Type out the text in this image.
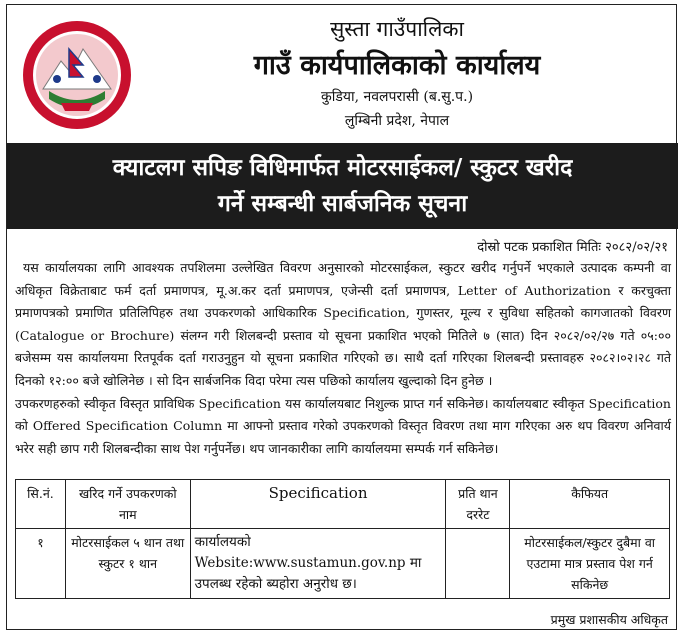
सुस्ता गाउँपालिका
गाउँ कार्यपालिकाको कार्यालय
कुडिया, नवलपरासी (ब.सु.प.)
लुम्बिनी प्रदेश, नेपाल
क्याटलग सपिङ विधिमार्फत मोटरसाईकल/ स्कुटर खरीद
गर्ने सम्बन्धी सार्बजनिक सूचना
दोस्रो पटक प्रकाशित मितिः २०८२/०२/२१

यस कार्यालयका लागि आवश्यक तपशिलमा उल्लेखित विवरण अनुसारको मोटरसाईकल, स्कुटर खरीद गर्नुपर्ने भएकाले उत्पादक कम्पनी वा अधिकृत विक्रेताबाट फर्म दर्ता प्रमाणपत्र, मू.अ.कर दर्ता प्रमाणपत्र, एजेन्सी दर्ता प्रमाणपत्र, Letter of Authorization र करचुक्ता प्रमाणपत्रको प्रमाणित प्रतिलिपिहरु तथा उपकरणको आधिकारिक Specification, गुणस्तर, मूल्य र सुविधा सहितको कागजातको विवरण (Catalogue or Brochure) संलग्न गरी शिलबन्दी प्रस्ताव यो सूचना प्रकाशित भएको मितिले ७ (सात) दिन २०८२/०२/२७ गते ०५:०० बजेसम्म यस कार्यालयमा रितपूर्वक दर्ता गराउनुहुन यो सूचना प्रकाशित गरिएको छ। साथै दर्ता गरिएका शिलबन्दी प्रस्तावहरु २०८२।०२।२८ गते दिनको १२:०० बजे खोलिनेछ । सो दिन सार्बजनिक विदा परेमा त्यस पछिको कार्यालय खुल्दाको दिन हुनेछ ।

उपकरणहरुको स्वीकृत विस्तृत प्राविधिक Specification यस कार्यालयबाट निशुल्क प्राप्त गर्न सकिनेछ। कार्यालयबाट स्वीकृत Specification को Offered Specification Column मा आफ्नो प्रस्ताव गरेको उपकरणको विस्तृत विवरण तथा माग गरिएका अरु थप विवरण अनिवार्य भरेर सही छाप गरी शिलबन्दीका साथ पेश गर्नुपर्नेछ। थप जानकारीका लागि कार्यालयमा सम्पर्क गर्न सकिनेछ।

सि.नं.	खरिद गर्ने उपकरणको नाम	Specification	प्रति थान दररेट	कैफियत
१	मोटरसाईकल ५ थान तथा स्कुटर १ थान	कार्यालयको Website:www.sustamun.gov.np मा उपलब्ध रहेको ब्यहोरा अनुरोध छ।		मोटरसाईकल/स्कुटर दुबैमा वा एउटामा मात्र प्रस्ताव पेश गर्न सकिनेछ
प्रमुख प्रशासकीय अधिकृत
